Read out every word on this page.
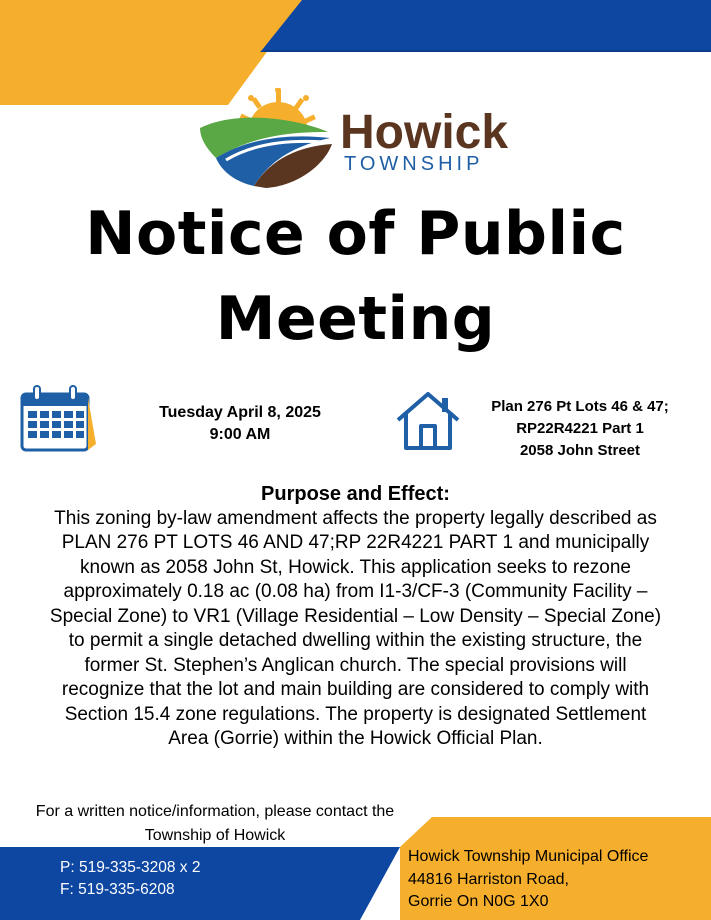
Howick
TOWNSHIP
Notice of Public
Meeting
Tuesday April 8, 2025
9:00 AM
Plan 276 Pt Lots 46 & 47;
RP22R4221 Part 1
2058 John Street
Purpose and Effect:
This zoning by-law amendment affects the property legally described as
PLAN 276 PT LOTS 46 AND 47;RP 22R4221 PART 1 and municipally
known as 2058 John St, Howick. This application seeks to rezone
approximately 0.18 ac (0.08 ha) from I1-3/CF-3 (Community Facility –
Special Zone) to VR1 (Village Residential – Low Density – Special Zone)
to permit a single detached dwelling within the existing structure, the
former St. Stephen’s Anglican church. The special provisions will
recognize that the lot and main building are considered to comply with
Section 15.4 zone regulations. The property is designated Settlement
Area (Gorrie) within the Howick Official Plan.
For a written notice/information, please contact the
Township of Howick
P: 519-335-3208 x 2
F: 519-335-6208
Howick Township Municipal Office
44816 Harriston Road,
Gorrie On N0G 1X0
